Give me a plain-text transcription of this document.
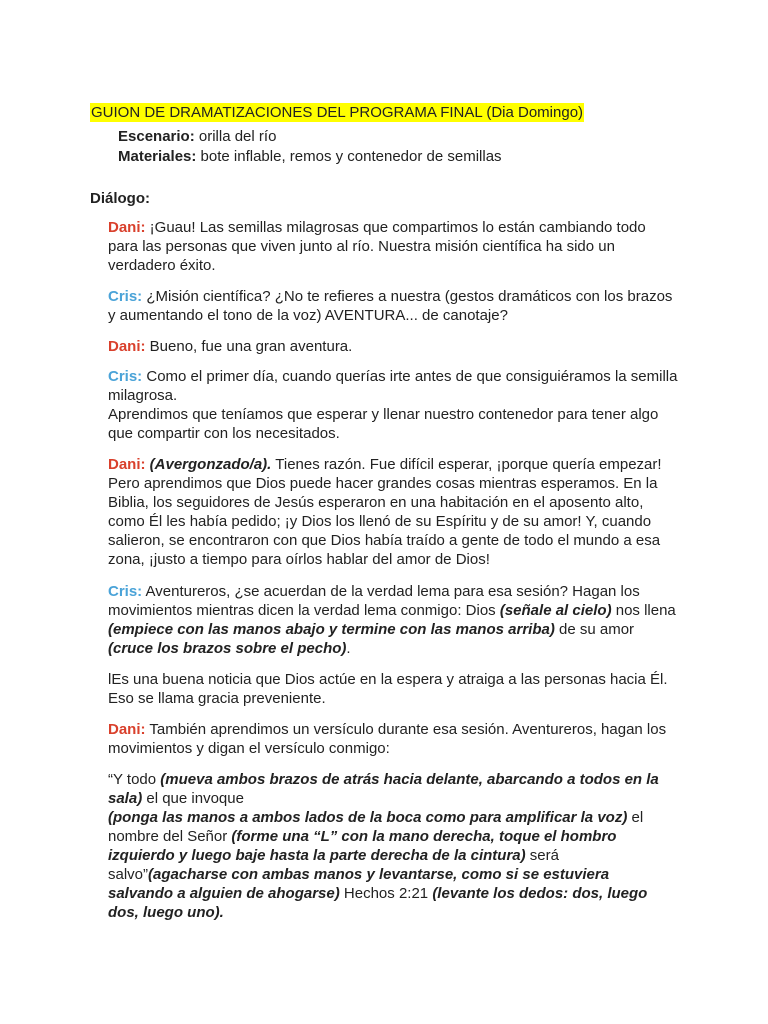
GUION DE DRAMATIZACIONES DEL PROGRAMA FINAL (Dia Domingo)
Escenario: orilla del río
Materiales: bote inflable, remos y contenedor de semillas
Diálogo:

Dani: ¡Guau! Las semillas milagrosas que compartimos lo están cambiando todo para las personas que viven junto al río. Nuestra misión científica ha sido un verdadero éxito.

Cris: ¿Misión científica? ¿No te refieres a nuestra (gestos dramáticos con los brazos y aumentando el tono de la voz) AVENTURA... de canotaje?

Dani: Bueno, fue una gran aventura.

Cris: Como el primer día, cuando querías irte antes de que consiguiéramos la semilla milagrosa.

Aprendimos que teníamos que esperar y llenar nuestro contenedor para tener algo que compartir con los necesitados.

Dani: (Avergonzado/a). Tienes razón. Fue difícil esperar, ¡porque quería empezar! Pero aprendimos que Dios puede hacer grandes cosas mientras esperamos. En la Biblia, los seguidores de Jesús esperaron en una habitación en el aposento alto, como Él les había pedido; ¡y Dios los llenó de su Espíritu y de su amor! Y, cuando salieron, se encontraron con que Dios había traído a gente de todo el mundo a esa zona, ¡justo a tiempo para oírlos hablar del amor de Dios!

Cris: Aventureros, ¿se acuerdan de la verdad lema para esa sesión? Hagan los movimientos mientras dicen la verdad lema conmigo: Dios (señale al cielo) nos llena (empiece con las manos abajo y termine con las manos arriba) de su amor (cruce los brazos sobre el pecho).

lEs una buena noticia que Dios actúe en la espera y atraiga a las personas hacia Él. Eso se llama gracia preveniente.

Dani: También aprendimos un versículo durante esa sesión. Aventureros, hagan los movimientos y digan el versículo conmigo:

“Y todo (mueva ambos brazos de atrás hacia delante, abarcando a todos en la sala) el que invoque

(ponga las manos a ambos lados de la boca como para amplificar la voz) el nombre del Señor (forme una “L” con la mano derecha, toque el hombro izquierdo y luego baje hasta la parte derecha de la cintura) será salvo”(agacharse con ambas manos y levantarse, como si se estuviera salvando a alguien de ahogarse) Hechos 2:21 (levante los dedos: dos, luego dos, luego uno).
